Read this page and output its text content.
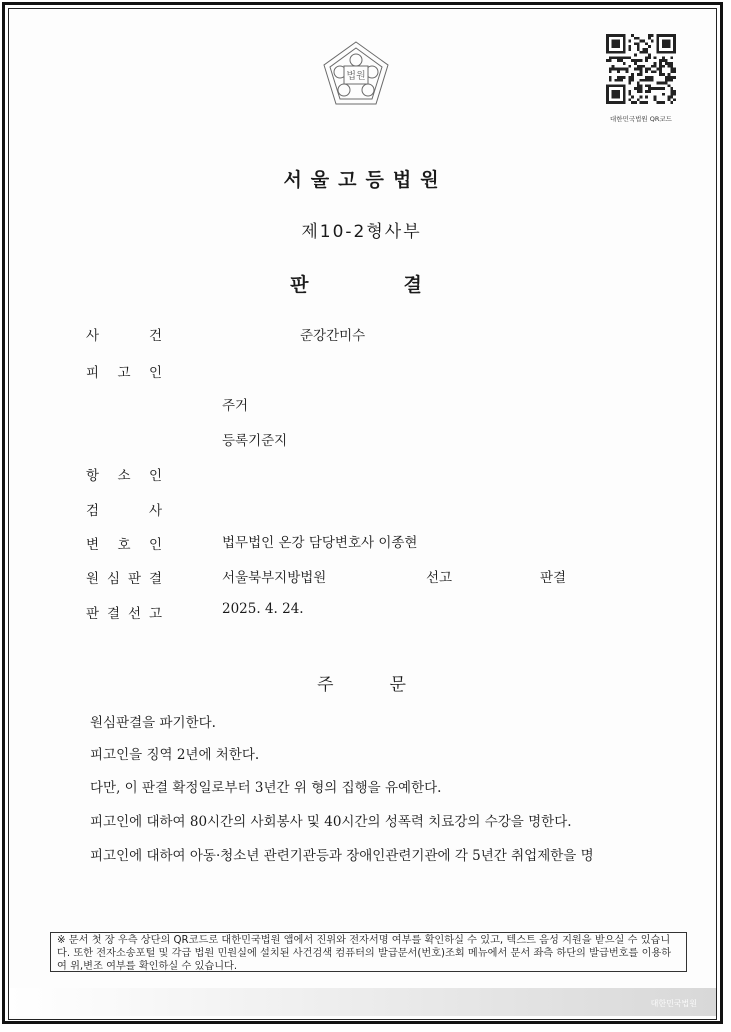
법원
대한민국법원 QR코드
서울고등법원
제10-2형사부
판결
사	건	준강간미수
피 고 인
주거
등록기준지
항 소 인
검	사
변 호 인	법무법인 온강 담당변호사 이종현
원 심 판 결	서울북부지방법원	선고	판결
판 결 선 고	2025. 4. 24.
주문
원심판결을 파기한다.
피고인을 징역 2년에 처한다.
다만, 이 판결 확정일로부터 3년간 위 형의 집행을 유예한다.
피고인에 대하여 80시간의 사회봉사 및 40시간의 성폭력 치료강의 수강을 명한다.
피고인에 대하여 아동·청소년 관련기관등과 장애인관련기관에 각 5년간 취업제한을 명
※ 문서 첫 장 우측 상단의 QR코드로 대한민국법원 앱에서 진위와 전자서명 여부를 확인하실 수 있고, 텍스트 음성 지원을 받으실 수 있습니다. 또한 전자소송포털 및 각급 법원 민원실에 설치된 사건검색 컴퓨터의 발급문서(번호)조회 메뉴에서 문서 좌측 하단의 발급번호를 이용하여 위,변조 여부를 확인하실 수 있습니다.
대한민국법원
